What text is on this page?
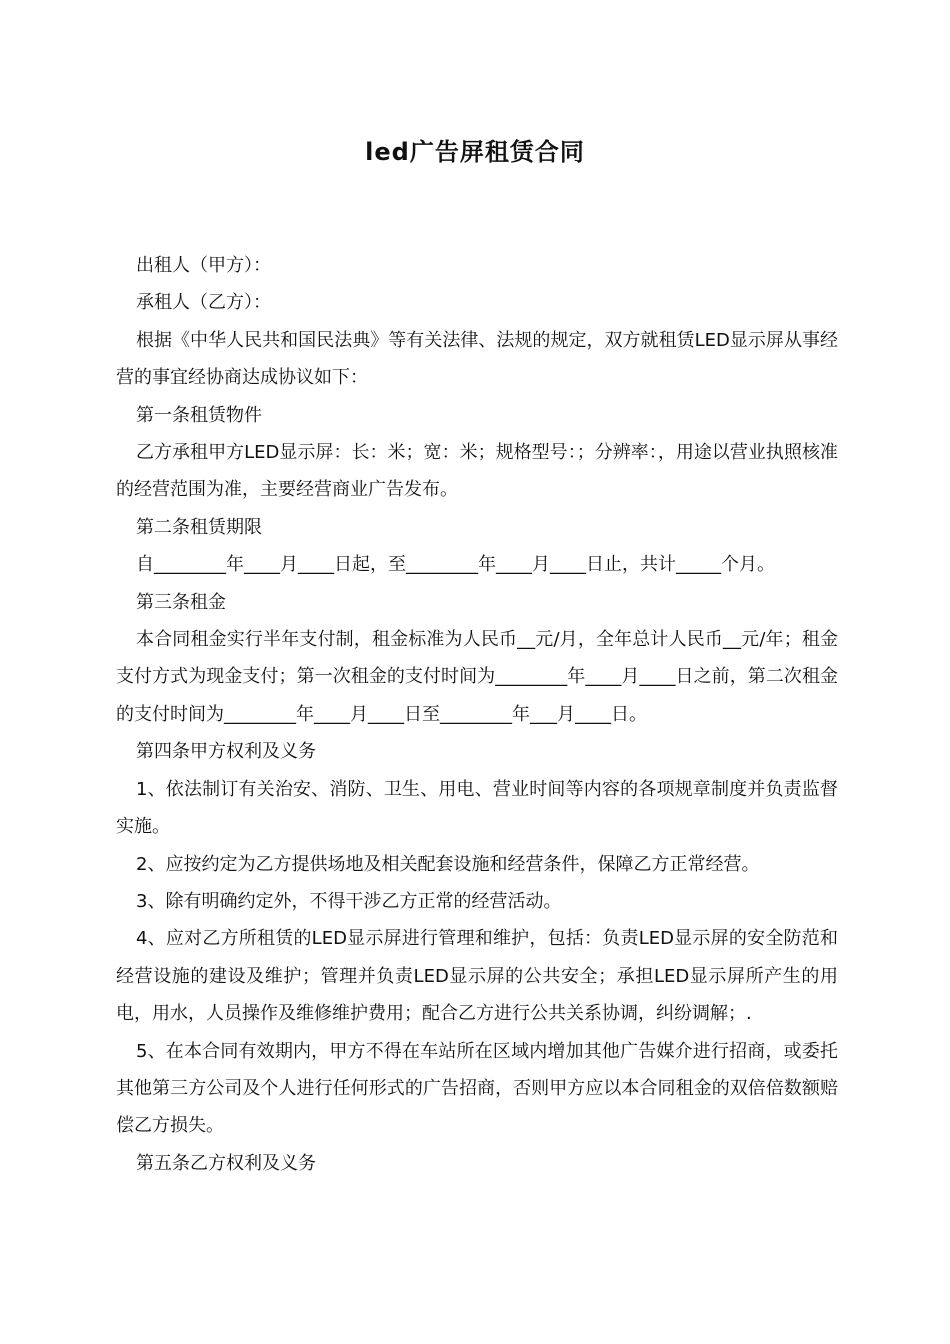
led广告屏租赁合同

出租人（甲方）：

承租人（乙方）：

根据《中华人民共和国民法典》等有关法律、法规的规定，双方就租赁LED显示屏从事经营的事宜经协商达成协议如下：

第一条租赁物件

乙方承租甲方LED显示屏：长：米；宽：米；规格型号：；分辨率：，用途以营业执照核准的经营范围为准，主要经营商业广告发布。

第二条租赁期限

自________年____月____日起，至________年____月____日止，共计_____个月。

第三条租金

本合同租金实行半年支付制，租金标准为人民币__元/月，全年总计人民币__元/年；租金支付方式为现金支付；第一次租金的支付时间为________年____月____日之前，第二次租金的支付时间为________年____月____日至________年___月____日。

第四条甲方权利及义务

1、依法制订有关治安、消防、卫生、用电、营业时间等内容的各项规章制度并负责监督实施。

2、应按约定为乙方提供场地及相关配套设施和经营条件，保障乙方正常经营。

3、除有明确约定外，不得干涉乙方正常的经营活动。

4、应对乙方所租赁的LED显示屏进行管理和维护，包括：负责LED显示屏的安全防范和经营设施的建设及维护；管理并负责LED显示屏的公共安全；承担LED显示屏所产生的用电，用水，人员操作及维修维护费用；配合乙方进行公共关系协调，纠纷调解；.

5、在本合同有效期内，甲方不得在车站所在区域内增加其他广告媒介进行招商，或委托其他第三方公司及个人进行任何形式的广告招商，否则甲方应以本合同租金的双倍倍数额赔偿乙方损失。

第五条乙方权利及义务
